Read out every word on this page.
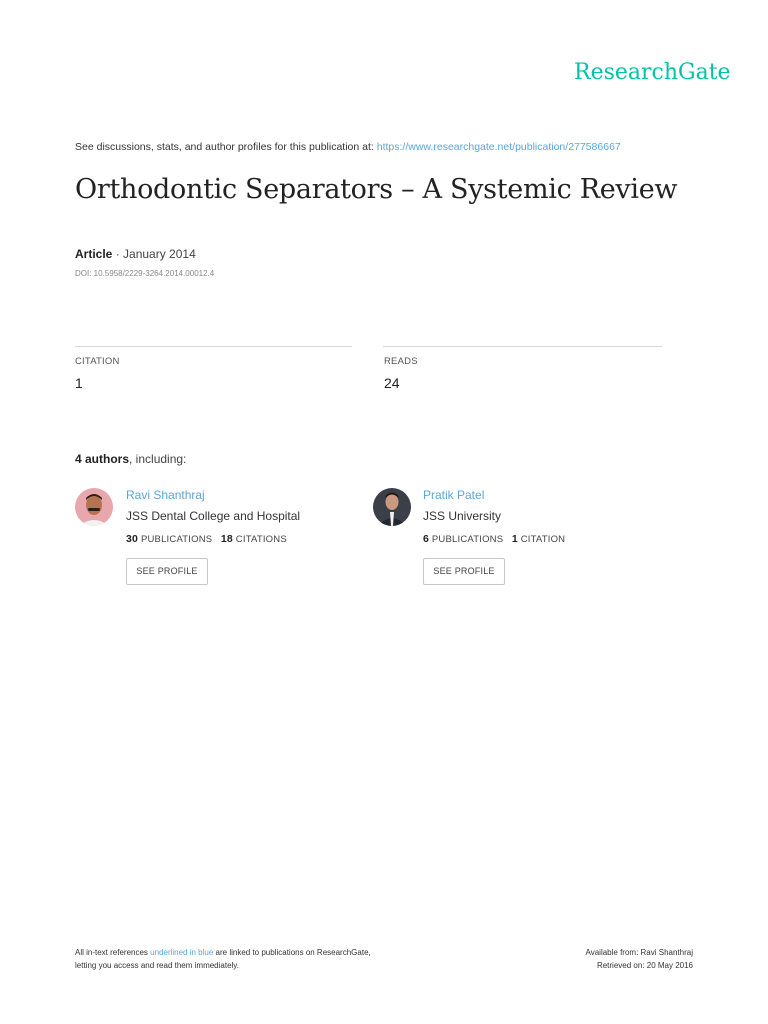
ResearchGate
See discussions, stats, and author profiles for this publication at: https://www.researchgate.net/publication/277586667
Orthodontic Separators – A Systemic Review
Article · January 2014
DOI: 10.5958/2229-3264.2014.00012.4
CITATION
1
READS
24
4 authors, including:
Ravi Shanthraj
JSS Dental College and Hospital
30 PUBLICATIONS 18 CITATIONS
SEE PROFILE
Pratik Patel
JSS University
6 PUBLICATIONS 1 CITATION
SEE PROFILE
All in-text references underlined in blue are linked to publications on ResearchGate,
letting you access and read them immediately.
Available from: Ravi Shanthraj
Retrieved on: 20 May 2016
